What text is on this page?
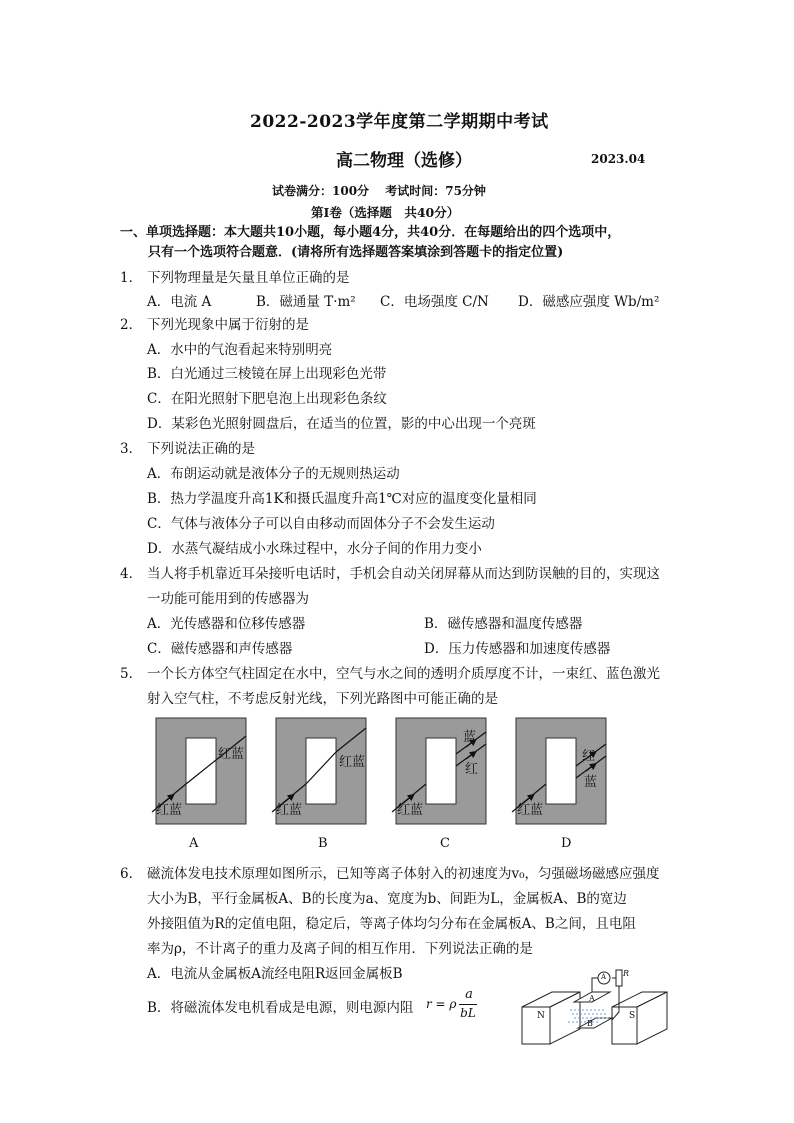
2022-2023学年度第二学期期中考试
高二物理（选修）	2023.04
试卷满分：100分　 考试时间：75分钟
第Ⅰ卷（选择题　共40分）
一、单项选择题：本大题共10小题，每小题4分，共40分．在每题给出的四个选项中，
只有一个选项符合题意．(请将所有选择题答案填涂到答题卡的指定位置)
1． 下列物理量是矢量且单位正确的是
A．电流 A	B．磁通量 T·m² C．电场强度 C/N D．磁感应强度 Wb/m²
2． 下列光现象中属于衍射的是
A．水中的气泡看起来特别明亮
B．白光通过三棱镜在屏上出现彩色光带
C．在阳光照射下肥皂泡上出现彩色条纹
D．某彩色光照射圆盘后，在适当的位置，影的中心出现一个亮斑
3． 下列说法正确的是
A．布朗运动就是液体分子的无规则热运动
B．热力学温度升高1K和摄氏温度升高1℃对应的温度变化量相同
C．气体与液体分子可以自由移动而固体分子不会发生运动
D．水蒸气凝结成小水珠过程中，水分子间的作用力变小
4． 当人将手机靠近耳朵接听电话时，手机会自动关闭屏幕从而达到防误触的目的，实现这
一功能可能用到的传感器为
A．光传感器和位移传感器	B．磁传感器和温度传感器
C．磁传感器和声传感器	D．压力传感器和加速度传感器
5． 一个长方体空气柱固定在水中，空气与水之间的透明介质厚度不计，一束红、蓝色激光
射入空气柱，不考虑反射光线，下列光路图中可能正确的是
红蓝
红蓝
红蓝
红蓝
红蓝
蓝
红
红蓝
红
蓝
A	B	C	D
6． 磁流体发电技术原理如图所示，已知等离子体射入的初速度为v₀，匀强磁场磁感应强度
大小为B，平行金属板A、B的长度为a、宽度为b、间距为L，金属板A、B的宽边
外接阻值为R的定值电阻，稳定后，等离子体均匀分布在金属板A、B之间，且电阻
率为ρ，不计离子的重力及离子间的相互作用．下列说法正确的是
A．电流从金属板A流经电阻R返回金属板B
B．将磁流体发电机看成是电源，则电源内阻 r = ρ
a
bL	N	S
A
B
A R
